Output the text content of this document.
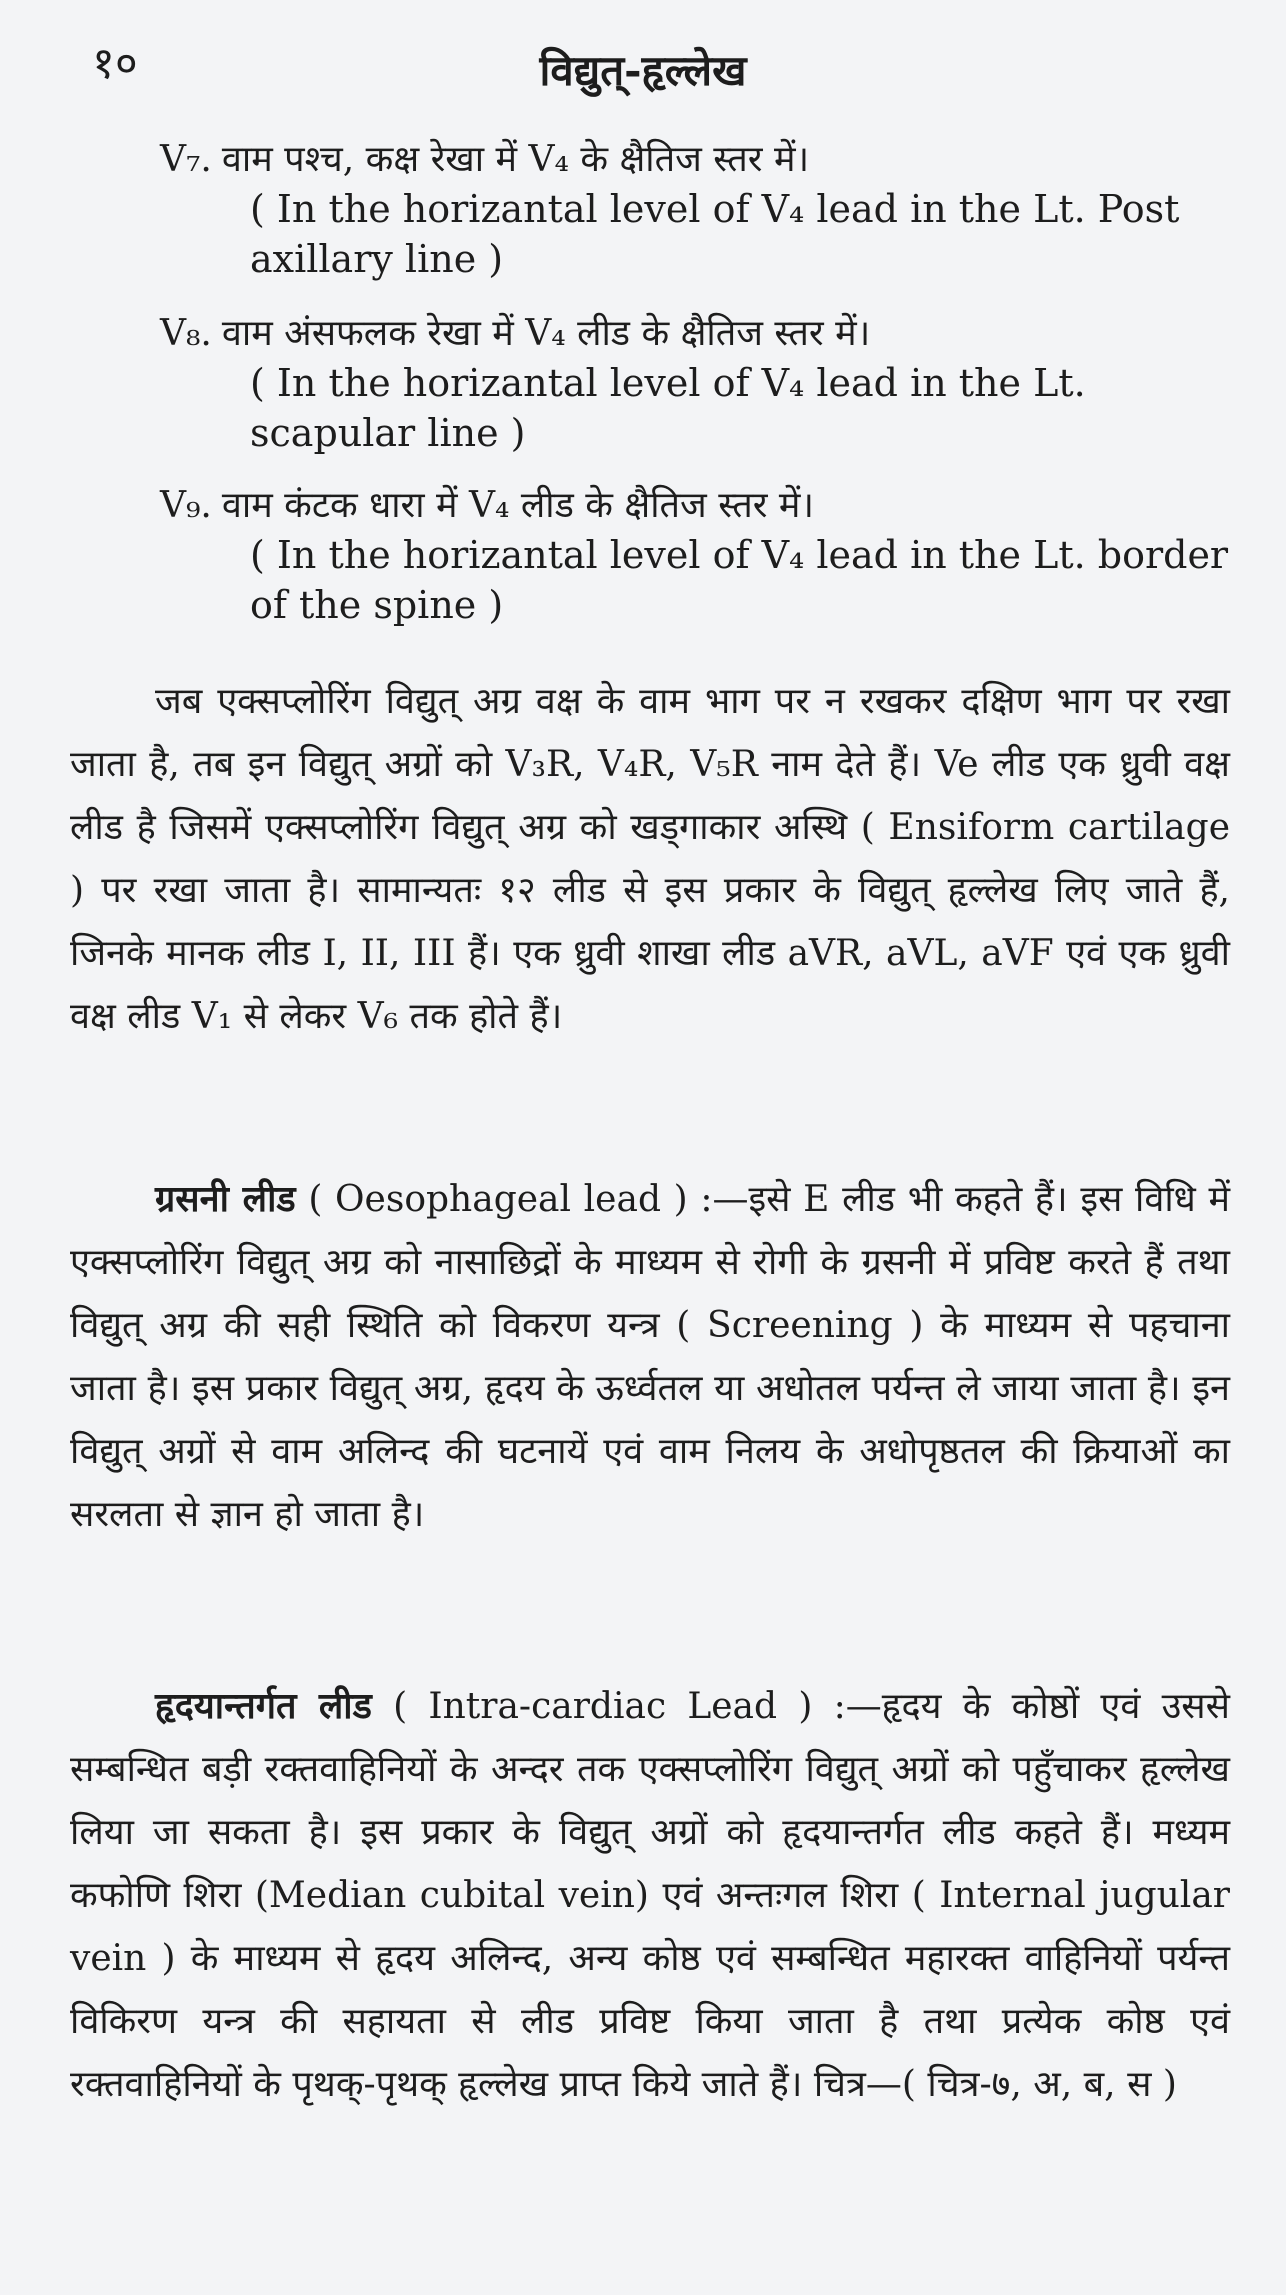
१०	विद्युत्-हृल्लेख
V₇. वाम पश्च, कक्ष रेखा में V₄ के क्षैतिज स्तर में।
( In the horizantal level of V₄ lead in the Lt. Post axillary line )
V₈. वाम अंसफलक रेखा में V₄ लीड के क्षैतिज स्तर में।
( In the horizantal level of V₄ lead in the Lt. scapular line )
V₉. वाम कंटक धारा में V₄ लीड के क्षैतिज स्तर में।
( In the horizantal level of V₄ lead in the Lt. border of the spine )

जब एक्सप्लोरिंग विद्युत् अग्र वक्ष के वाम भाग पर न रखकर दक्षिण भाग पर रखा जाता है, तब इन विद्युत् अग्रों को V₃R, V₄R, V₅R नाम देते हैं। Ve लीड एक ध्रुवी वक्ष लीड है जिसमें एक्सप्लोरिंग विद्युत् अग्र को खड्गाकार अस्थि ( Ensiform cartilage ) पर रखा जाता है। सामान्यतः १२ लीड से इस प्रकार के विद्युत् हृल्लेख लिए जाते हैं, जिनके मानक लीड I, II, III हैं। एक ध्रुवी शाखा लीड aVR, aVL, aVF एवं एक ध्रुवी वक्ष लीड V₁ से लेकर V₆ तक होते हैं।

ग्रसनी लीड ( Oesophageal lead ) :—इसे E लीड भी कहते हैं। इस विधि में एक्सप्लोरिंग विद्युत् अग्र को नासाछिद्रों के माध्यम से रोगी के ग्रसनी में प्रविष्ट करते हैं तथा विद्युत् अग्र की सही स्थिति को विकरण यन्त्र ( Screening ) के माध्यम से पहचाना जाता है। इस प्रकार विद्युत् अग्र, हृदय के ऊर्ध्वतल या अधोतल पर्यन्त ले जाया जाता है। इन विद्युत् अग्रों से वाम अलिन्द की घटनायें एवं वाम निलय के अधोपृष्ठतल की क्रियाओं का सरलता से ज्ञान हो जाता है।

हृदयान्तर्गत लीड ( Intra-cardiac Lead ) :—हृदय के कोष्ठों एवं उससे सम्बन्धित बड़ी रक्तवाहिनियों के अन्दर तक एक्सप्लोरिंग विद्युत् अग्रों को पहुँचाकर हृल्लेख लिया जा सकता है। इस प्रकार के विद्युत् अग्रों को हृदयान्तर्गत लीड कहते हैं। मध्यम कफोणि शिरा (Median cubital vein) एवं अन्तःगल शिरा ( Internal jugular vein ) के माध्यम से हृदय अलिन्द, अन्य कोष्ठ एवं सम्बन्धित महारक्त वाहिनियों पर्यन्त विकिरण यन्त्र की सहायता से लीड प्रविष्ट किया जाता है तथा प्रत्येक कोष्ठ एवं रक्तवाहिनियों के पृथक्-पृथक् हृल्लेख प्राप्त किये जाते हैं। चित्र—( चित्र-७, अ, ब, स )
